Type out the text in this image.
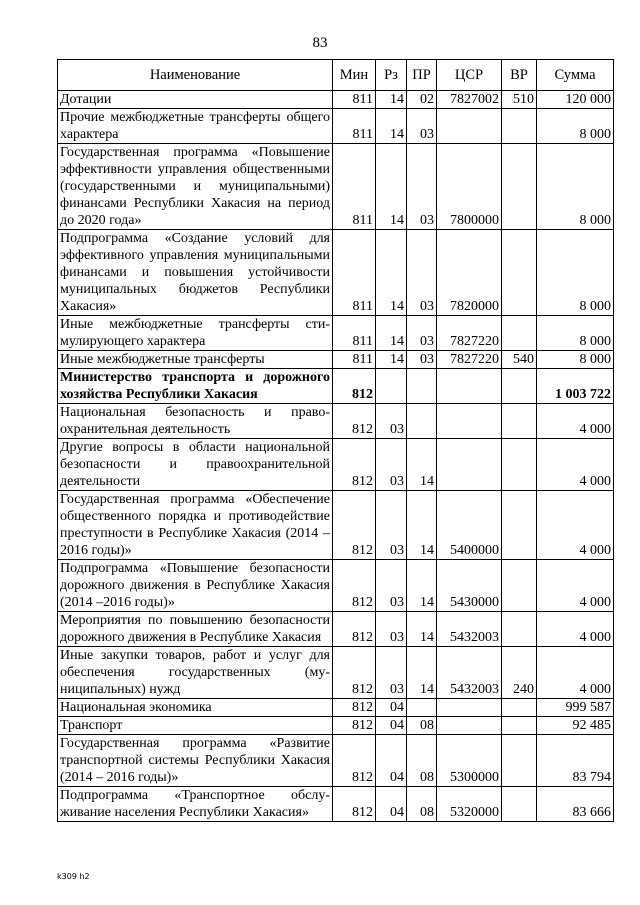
83
Наименование	Мин	Рз	ПР	ЦСР	ВР	Сумма
Дотации	811	14	02	7827002	510	120 000
Прочие межбюджетные трансферты общего характера	811	14	03			8 000
Государственная программа «Повышение эффективности управления общественными (государственными и муниципальными) финансами Республики Хакасия на период до 2020 года»	811	14	03	7800000		8 000
Подпрограмма «Создание условий для эффективного управления муниципальными финансами и повышения устойчивости муниципальных бюджетов Республики Хакасия»	811	14	03	7820000		8 000
Иные межбюджетные трансферты стимулирующего характера	811	14	03	7827220		8 000
Иные межбюджетные трансферты	811	14	03	7827220	540	8 000
Министерство транспорта и дорожного хозяйства Республики Хакасия	812					1 003 722
Национальная безопасность и правоохранительная деятельность	812	03				4 000
Другие вопросы в области национальной безопасности и правоохранительной деятельности	812	03	14			4 000
Государственная программа «Обеспечение общественного порядка и противодействие преступности в Республике Хакасия (2014 – 2016 годы)»	812	03	14	5400000		4 000
Подпрограмма «Повышение безопасности дорожного движения в Республике Хакасия (2014 –2016 годы)»	812	03	14	5430000		4 000
Мероприятия по повышению безопасности дорожного движения в Республике Хакасия	812	03	14	5432003		4 000
Иные закупки товаров, работ и услуг для обеспечения государственных (муниципальных) нужд	812	03	14	5432003	240	4 000
Национальная экономика	812	04				999 587
Транспорт	812	04	08			92 485
Государственная программа «Развитие транспортной системы Республики Хакасия (2014 – 2016 годы)»	812	04	08	5300000		83 794
Подпрограмма «Транспортное обслуживание населения Республики Хакасия»	812	04	08	5320000		83 666
k309 h2
